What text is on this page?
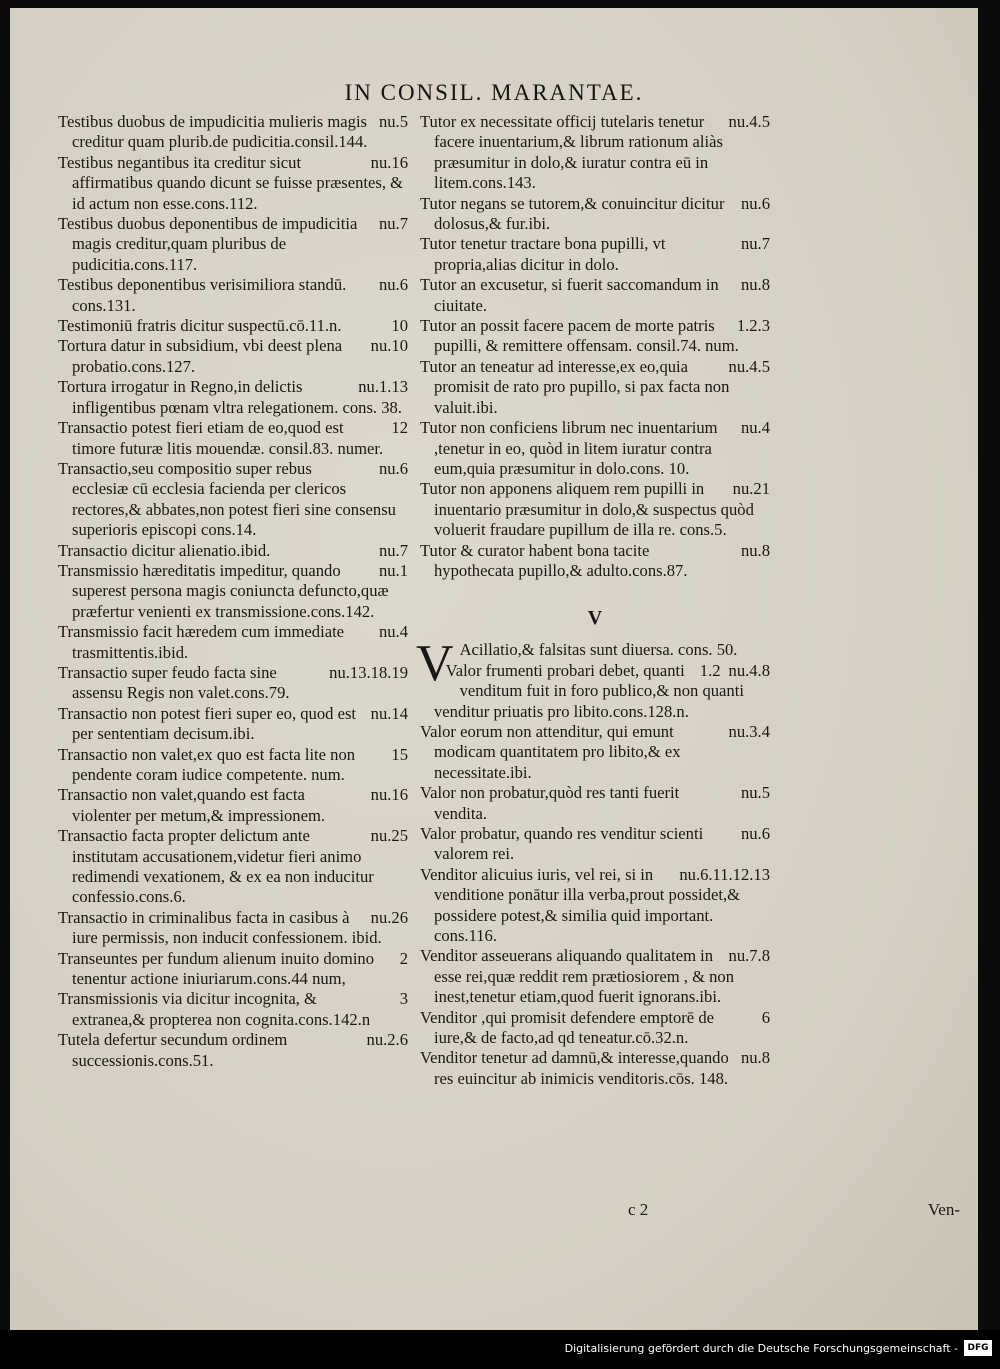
IN CONSIL. MARANTAE.

nu.5
Testibus duobus de impudicitia mulieris magis creditur quam plurib.de pudicitia.consil.144.

nu.16
Testibus negantibus ita creditur sicut affirmatibus quando dicunt se fuisse præsentes, & id actum non esse.cons.112.

nu.7
Testibus duobus deponentibus de impudicitia magis creditur,quam pluribus de pudicitia.cons.117.

nu.6
Testibus deponentibus verisimiliora standū. cons.131.

10
Testimoniū fratris dicitur suspectū.cō.11.n.

nu.10
Tortura datur in subsidium, vbi deest plena probatio.cons.127.

nu.1.13
Tortura irrogatur in Regno,in delictis infligentibus pœnam vltra relegationem. cons. 38.

12
Transactio potest fieri etiam de eo,quod est timore futuræ litis mouendæ. consil.83. numer.

nu.6
Transactio,seu compositio super rebus ecclesiæ cū ecclesia facienda per clericos rectores,& abbates,non potest fieri sine consensu superioris episcopi cons.14.

nu.7
Transactio dicitur alienatio.ibid.

nu.1
Transmissio hæreditatis impeditur, quando superest persona magis coniuncta defuncto,quæ præfertur venienti ex transmissione.cons.142.

nu.4
Transmissio facit hæredem cum immediate trasmittentis.ibid.

nu.13.18.19
Transactio super feudo facta sine assensu Regis non valet.cons.79.

nu.14
Transactio non potest fieri super eo, quod est per sententiam decisum.ibi.

15
Transactio non valet,ex quo est facta lite non pendente coram iudice competente. num.

nu.16
Transactio non valet,quando est facta violenter per metum,& impressionem.

nu.25
Transactio facta propter delictum ante institutam accusationem,videtur fieri animo redimendi vexationem, & ex ea non inducitur confessio.cons.6.

nu.26
Transactio in criminalibus facta in casibus à iure permissis, non inducit confessionem. ibid.

2
Transeuntes per fundum alienum inuito domino tenentur actione iniuriarum.cons.44 num,

3
Transmissionis via dicitur incognita, & extranea,& propterea non cognita.cons.142.n

nu.2.6
Tutela defertur secundum ordinem successionis.cons.51.

nu.4.5
Tutor ex necessitate officij tutelaris tenetur facere inuentarium,& librum rationum aliàs præsumitur in dolo,& iuratur contra eū in litem.cons.143.

nu.6
Tutor negans se tutorem,& conuincitur dicitur dolosus,& fur.ibi.

nu.7
Tutor tenetur tractare bona pupilli, vt propria,alias dicitur in dolo.

nu.8
Tutor an excusetur, si fuerit saccomandum in ciuitate.

1.2.3
Tutor an possit facere pacem de morte patris pupilli, & remittere offensam. consil.74. num.

nu.4.5
Tutor an teneatur ad interesse,ex eo,quia promisit de rato pro pupillo, si pax facta non valuit.ibi.

nu.4
Tutor non conficiens librum nec inuentarium ,tenetur in eo, quòd in litem iuratur contra eum,quia præsumitur in dolo.cons. 10.

nu.21
Tutor non apponens aliquem rem pupilli in inuentario præsumitur in dolo,& suspectus quòd voluerit fraudare pupillum de illa re. cons.5.

nu.8
Tutor & curator habent bona tacite hypothecata pupillo,& adulto.cons.87.

V

V Acillatio,& falsitas sunt diuersa. cons. 50.
nu.4.8

1.2
Valor frumenti probari debet, quanti venditum fuit in foro publico,& non quanti venditur priuatis pro libito.cons.128.n.

nu.3.4
Valor eorum non attenditur, qui emunt modicam quantitatem pro libito,& ex necessitate.ibi.

nu.5
Valor non probatur,quòd res tanti fuerit vendita.

nu.6
Valor probatur, quando res venditur scienti valorem rei.

nu.6.11.12.13
Venditor alicuius iuris, vel rei, si in venditione ponātur illa verba,prout possidet,& possidere potest,& similia quid important. cons.116.

nu.7.8
Venditor asseuerans aliquando qualitatem in esse rei,quæ reddit rem prætiosiorem , & non inest,tenetur etiam,quod fuerit ignorans.ibi.

6
Venditor ,qui promisit defendere emptorē de iure,& de facto,ad qd teneatur.cō.32.n.

nu.8
Venditor tenetur ad damnū,& interesse,quando res euincitur ab inimicis venditoris.cōs. 148.

c 2	Ven-
Digitalisierung gefördert durch die Deutsche Forschungsgemeinschaft -	DFG
